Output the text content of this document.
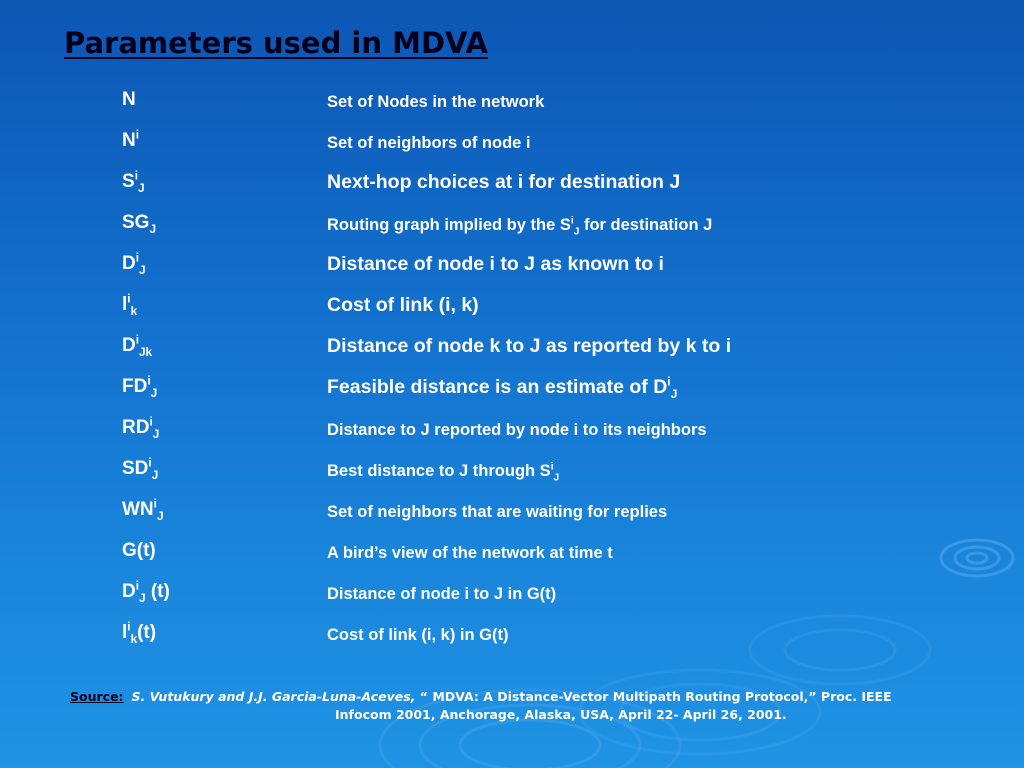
Parameters used in MDVA
N	Set of Nodes in the network
$N^i$	Set of neighbors of node i
$S^i_J$	Next-hop choices at i for destination J
$SG_J$	Routing graph implied by the $S^i_J$ for destination J
$D^i_J$	Distance of node i to J as known to i
$l^i_k$	Cost of link (i, k)
$D^i_{Jk}$	Distance of node k to J as reported by k to i
$FD^i_J$	Feasible distance is an estimate of $D^i_J$
$RD^i_J$	Distance to J reported by node i to its neighbors
$SD^i_J$	Best distance to J through $S^i_J$
$WN^i_J$	Set of neighbors that are waiting for replies
G(t)	A bird’s view of the network at time t
$D^i_J$ (t)	Distance of node i to J in G(t)
$l^i_k(t)$	Cost of link (i, k) in G(t)
Source: S. Vutukury and J.J. Garcia-Luna-Aceves, “ MDVA: A Distance-Vector Multipath Routing Protocol,” Proc. IEEE
Infocom 2001, Anchorage, Alaska, USA, April 22- April 26, 2001.
